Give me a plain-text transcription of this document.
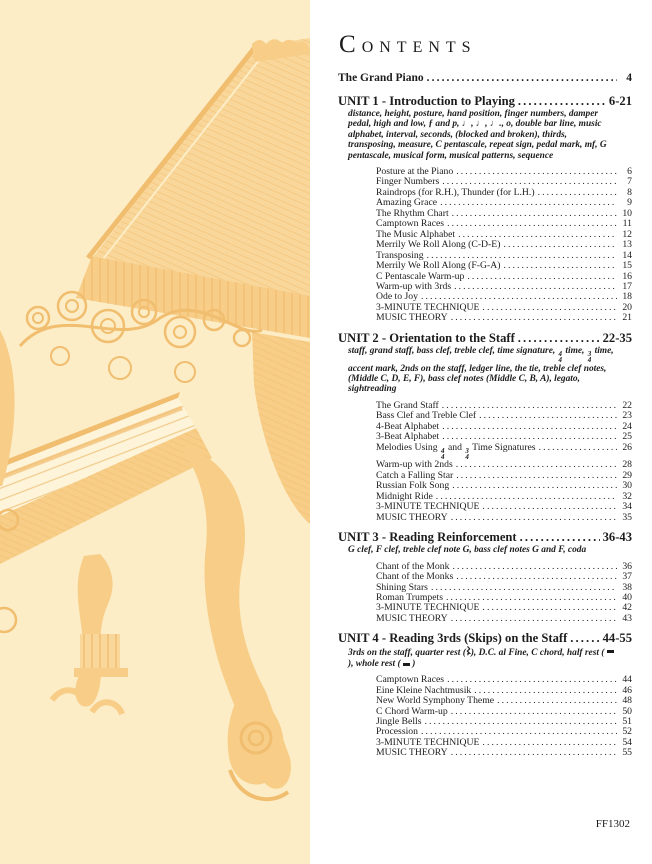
CONTENTS
The Grand Piano .....	4
UNIT 1 - Introduction to Playing .....	6-21
distance, height, posture, hand position, finger numbers, damper pedal, high and low, ƒ and p, ♩, ♩, ♩., o, double bar line, music alphabet, interval, seconds, (blocked and broken), thirds, transposing, measure, C pentascale, repeat sign, pedal mark, mf, G pentascale, musical form, musical patterns, sequence
Posture at the Piano .....	6
Finger Numbers .....	7
Raindrops (for R.H.), Thunder (for L.H.) .....	8
Amazing Grace .....	9
The Rhythm Chart .....	10
Camptown Races .....	11
The Music Alphabet .....	12
Merrily We Roll Along (C-D-E) .....	13
Transposing .....	14
Merrily We Roll Along (F-G-A) .....	15
C Pentascale Warm-up .....	16
Warm-up with 3rds .....	17
Ode to Joy .....	18
3-MINUTE TECHNIQUE .....	20
MUSIC THEORY .....	21
UNIT 2 - Orientation to the Staff .....	22-35
staff, grand staff, bass clef, treble clef, time signature, 4
4
time, 3
4
time, accent mark, 2nds on the staff, ledger line, the tie, treble clef notes, (Middle C, D, E, F), bass clef notes (Middle C, B, A), legato, sightreading
The Grand Staff .....	22
Bass Clef and Treble Clef .....	23
4-Beat Alphabet .....	24
3-Beat Alphabet .....	25
Melodies Using 4
4
and 3
4
Time Signatures .....	26
Warm-up with 2nds .....	28
Catch a Falling Star .....	29
Russian Folk Song .....	30
Midnight Ride .....	32
3-MINUTE TECHNIQUE .....	34
MUSIC THEORY .....	35
UNIT 3 - Reading Reinforcement .....	36-43
G clef, F clef, treble clef note G, bass clef notes G and F, coda
Chant of the Monk .....	36
Chant of the Monks .....	37
Shining Stars .....	38
Roman Trumpets .....	40
3-MINUTE TECHNIQUE .....	42
MUSIC THEORY .....	43
UNIT 4 - Reading 3rds (Skips) on the Staff .....	44-55
3rds on the staff, quarter rest ( ), D.C. al Fine, C chord, half rest (  ), whole rest (  )
Camptown Races .....	44
Eine Kleine Nachtmusik .....	46
New World Symphony Theme .....	48
C Chord Warm-up .....	50
Jingle Bells .....	51
Procession .....	52
3-MINUTE TECHNIQUE .....	54
MUSIC THEORY .....	55
FF1302
